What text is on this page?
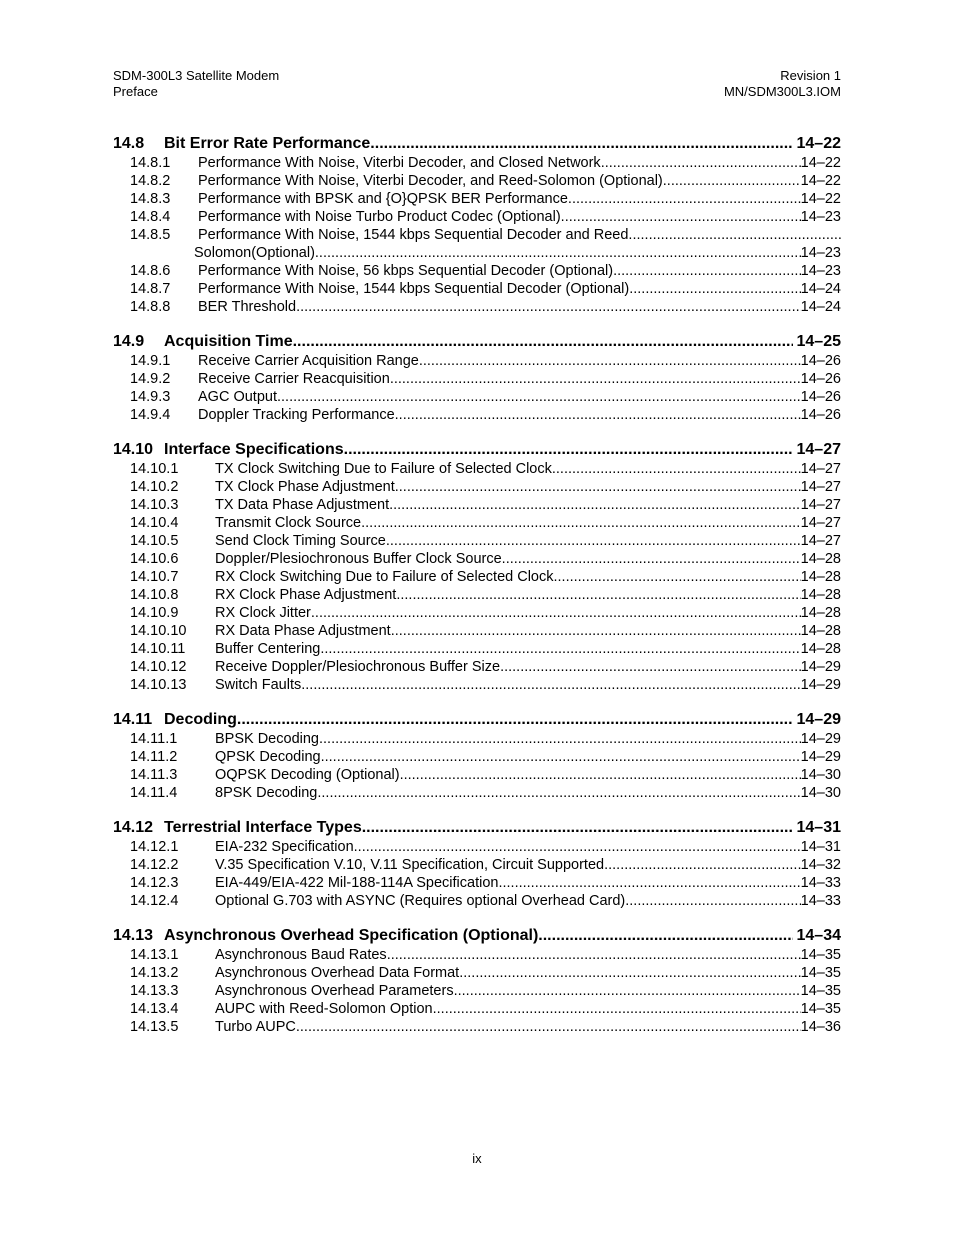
SDM-300L3 Satellite Modem
Preface
Revision 1
MN/SDM300L3.IOM
14.8	Bit Error Rate Performance .....	14–22
14.8.1	Performance With Noise, Viterbi Decoder, and Closed Network .....	14–22
14.8.2	Performance With Noise, Viterbi Decoder, and Reed-Solomon (Optional) .....	14–22
14.8.3	Performance with BPSK and {O}QPSK BER Performance .....	14–22
14.8.4	Performance with Noise Turbo Product Codec (Optional) .....	14–23
14.8.5	Performance With Noise, 1544 kbps Sequential Decoder and Reed
.....
Solomon(Optional) .....	14–23
14.8.6	Performance With Noise, 56 kbps Sequential Decoder (Optional) .....	14–23
14.8.7	Performance With Noise, 1544 kbps Sequential Decoder (Optional) .....	14–24
14.8.8	BER Threshold .....	14–24
14.9	Acquisition Time .....	14–25
14.9.1	Receive Carrier Acquisition Range .....	14–26
14.9.2	Receive Carrier Reacquisition .....	14–26
14.9.3	AGC Output .....	14–26
14.9.4	Doppler Tracking Performance .....	14–26
14.10 Interface Specifications .....	14–27
14.10.1	TX Clock Switching Due to Failure of Selected Clock .....	14–27
14.10.2	TX Clock Phase Adjustment .....	14–27
14.10.3	TX Data Phase Adjustment .....	14–27
14.10.4	Transmit Clock Source .....	14–27
14.10.5	Send Clock Timing Source .....	14–27
14.10.6	Doppler/Plesiochronous Buffer Clock Source .....	14–28
14.10.7	RX Clock Switching Due to Failure of Selected Clock .....	14–28
14.10.8	RX Clock Phase Adjustment .....	14–28
14.10.9	RX Clock Jitter .....	14–28
14.10.10	RX Data Phase Adjustment .....	14–28
14.10.11	Buffer Centering .....	14–28
14.10.12	Receive Doppler/Plesiochronous Buffer Size .....	14–29
14.10.13	Switch Faults .....	14–29
14.11 Decoding .....	14–29
14.11.1	BPSK Decoding .....	14–29
14.11.2	QPSK Decoding .....	14–29
14.11.3	OQPSK Decoding (Optional) .....	14–30
14.11.4	8PSK Decoding .....	14–30
14.12 Terrestrial Interface Types .....	14–31
14.12.1	EIA-232 Specification .....	14–31
14.12.2	V.35 Specification V.10, V.11 Specification, Circuit Supported .....	14–32
14.12.3	EIA-449/EIA-422 Mil-188-114A Specification .....	14–33
14.12.4	Optional G.703 with ASYNC (Requires optional Overhead Card) .....	14–33
14.13 Asynchronous Overhead Specification (Optional) .....	14–34
14.13.1	Asynchronous Baud Rates .....	14–35
14.13.2	Asynchronous Overhead Data Format .....	14–35
14.13.3	Asynchronous Overhead Parameters .....	14–35
14.13.4	AUPC with Reed-Solomon Option .....	14–35
14.13.5	Turbo AUPC .....	14–36
ix
